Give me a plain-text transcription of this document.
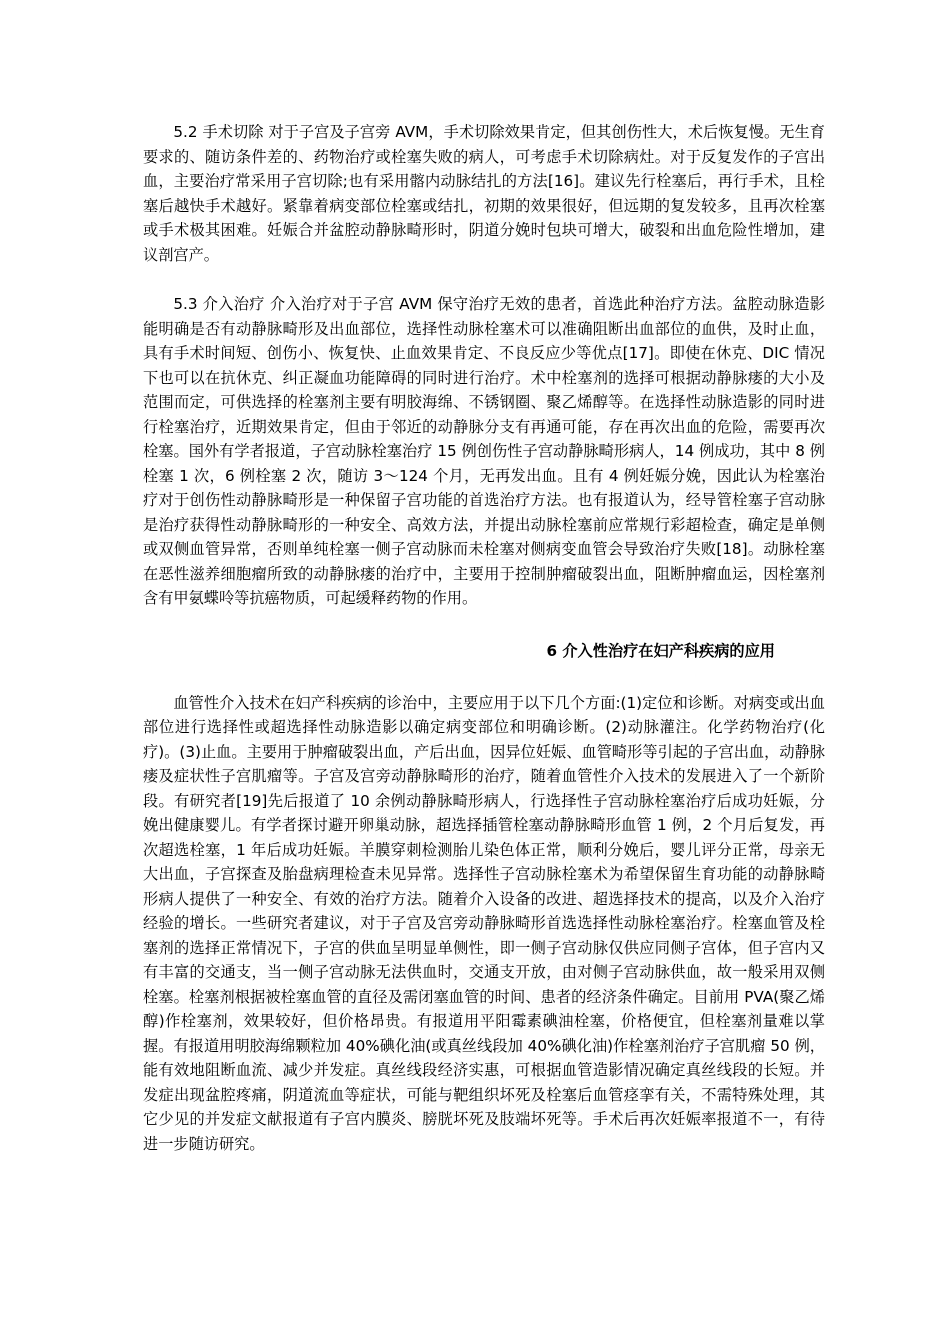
5.2 手术切除 对于子宫及子宫旁 AVM，手术切除效果肯定，但其创伤性大，术后恢复慢。无生育要求的、随访条件差的、药物治疗或栓塞失败的病人，可考虑手术切除病灶。对于反复发作的子宫出血，主要治疗常采用子宫切除;也有采用髂内动脉结扎的方法[16]。建议先行栓塞后，再行手术，且栓塞后越快手术越好。紧靠着病变部位栓塞或结扎，初期的效果很好，但远期的复发较多，且再次栓塞或手术极其困难。妊娠合并盆腔动静脉畸形时，阴道分娩时包块可增大，破裂和出血危险性增加，建议剖宫产。

5.3 介入治疗 介入治疗对于子宫 AVM 保守治疗无效的患者，首选此种治疗方法。盆腔动脉造影能明确是否有动静脉畸形及出血部位，选择性动脉栓塞术可以准确阻断出血部位的血供，及时止血，具有手术时间短、创伤小、恢复快、止血效果肯定、不良反应少等优点[17]。即使在休克、DIC 情况下也可以在抗休克、纠正凝血功能障碍的同时进行治疗。术中栓塞剂的选择可根据动静脉瘘的大小及范围而定，可供选择的栓塞剂主要有明胶海绵、不锈钢圈、聚乙烯醇等。在选择性动脉造影的同时进行栓塞治疗，近期效果肯定，但由于邻近的动静脉分支有再通可能，存在再次出血的危险，需要再次栓塞。国外有学者报道，子宫动脉栓塞治疗 15 例创伤性子宫动静脉畸形病人，14 例成功，其中 8 例栓塞 1 次，6 例栓塞 2 次，随访 3～124 个月，无再发出血。且有 4 例妊娠分娩，因此认为栓塞治疗对于创伤性动静脉畸形是一种保留子宫功能的首选治疗方法。也有报道认为，经导管栓塞子宫动脉是治疗获得性动静脉畸形的一种安全、高效方法，并提出动脉栓塞前应常规行彩超检查，确定是单侧或双侧血管异常，否则单纯栓塞一侧子宫动脉而未栓塞对侧病变血管会导致治疗失败[18]。动脉栓塞在恶性滋养细胞瘤所致的动静脉瘘的治疗中，主要用于控制肿瘤破裂出血，阻断肿瘤血运，因栓塞剂含有甲氨蝶呤等抗癌物质，可起缓释药物的作用。

6 介入性治疗在妇产科疾病的应用

血管性介入技术在妇产科疾病的诊治中，主要应用于以下几个方面:(1)定位和诊断。对病变或出血部位进行选择性或超选择性动脉造影以确定病变部位和明确诊断。(2)动脉灌注。化学药物治疗(化疗)。(3)止血。主要用于肿瘤破裂出血，产后出血，因异位妊娠、血管畸形等引起的子宫出血，动静脉瘘及症状性子宫肌瘤等。子宫及宫旁动静脉畸形的治疗，随着血管性介入技术的发展进入了一个新阶段。有研究者[19]先后报道了 10 余例动静脉畸形病人，行选择性子宫动脉栓塞治疗后成功妊娠，分娩出健康婴儿。有学者探讨避开卵巢动脉，超选择插管栓塞动静脉畸形血管 1 例，2 个月后复发，再次超选栓塞，1 年后成功妊娠。羊膜穿刺检测胎儿染色体正常，顺利分娩后，婴儿评分正常，母亲无大出血，子宫探查及胎盘病理检查未见异常。选择性子宫动脉栓塞术为希望保留生育功能的动静脉畸形病人提供了一种安全、有效的治疗方法。随着介入设备的改进、超选择技术的提高，以及介入治疗经验的增长。一些研究者建议，对于子宫及宫旁动静脉畸形首选选择性动脉栓塞治疗。栓塞血管及栓塞剂的选择正常情况下，子宫的供血呈明显单侧性，即一侧子宫动脉仅供应同侧子宫体，但子宫内又有丰富的交通支，当一侧子宫动脉无法供血时，交通支开放，由对侧子宫动脉供血，故一般采用双侧栓塞。栓塞剂根据被栓塞血管的直径及需闭塞血管的时间、患者的经济条件确定。目前用 PVA(聚乙烯醇)作栓塞剂，效果较好，但价格昂贵。有报道用平阳霉素碘油栓塞，价格便宜，但栓塞剂量难以掌握。有报道用明胶海绵颗粒加 40%碘化油(或真丝线段加 40%碘化油)作栓塞剂治疗子宫肌瘤 50 例，能有效地阻断血流、减少并发症。真丝线段经济实惠，可根据血管造影情况确定真丝线段的长短。并发症出现盆腔疼痛，阴道流血等症状，可能与靶组织坏死及栓塞后血管痉挛有关，不需特殊处理，其它少见的并发症文献报道有子宫内膜炎、膀胱坏死及肢端坏死等。手术后再次妊娠率报道不一，有待进一步随访研究。
